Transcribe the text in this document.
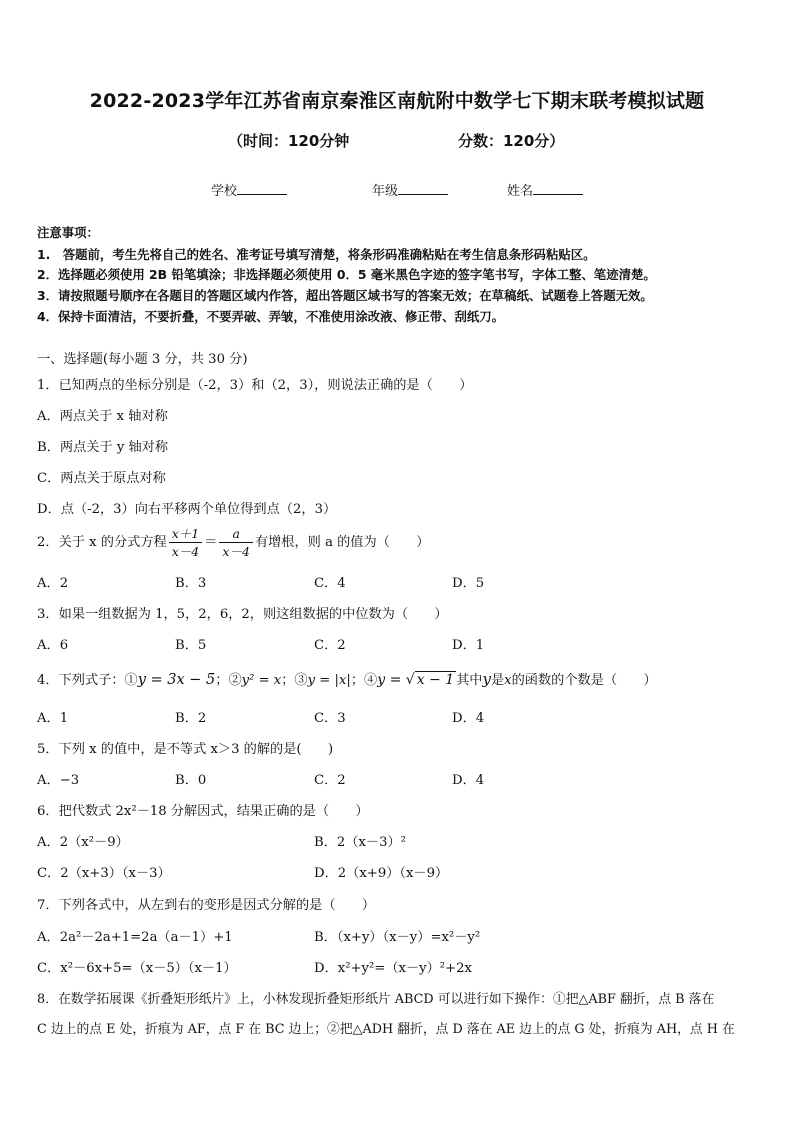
2022-2023学年江苏省南京秦淮区南航附中数学七下期末联考模拟试题
（时间：120分钟	分数：120分）
学校	年级	姓名
注意事项：
1.　答题前，考生先将自己的姓名、准考证号填写清楚，将条形码准确粘贴在考生信息条形码粘贴区。
2．选择题必须使用 2B 铅笔填涂；非选择题必须使用 0．5 毫米黑色字迹的签字笔书写，字体工整、笔迹清楚。
3．请按照题号顺序在各题目的答题区域内作答，超出答题区域书写的答案无效；在草稿纸、试题卷上答题无效。
4．保持卡面清洁，不要折叠，不要弄破、弄皱，不准使用涂改液、修正带、刮纸刀。
一、选择题(每小题 3 分，共 30 分)
1．已知两点的坐标分别是（-2，3）和（2，3），则说法正确的是（　　）
A．两点关于 x 轴对称
B．两点关于 y 轴对称
C．两点关于原点对称
D．点（-2，3）向右平移两个单位得到点（2，3）
2．关于 x 的分式方程 $\frac{x+1}{x-4} = \frac{a}{x-4}$ 有增根，则 a 的值为（　　）
A．2	B．3	C．4	D．5
3．如果一组数据为 1，5，2，6，2，则这组数据的中位数为（　　）
A．6	B．5	C．2	D．1
4．下列式子：①y = 3x − 5；②y² = x；③y = |x|；④y = √ x − 1 其中y是x的函数的个数是（　　）
A．1	B．2	C．3	D．4
5．下列 x 的值中，是不等式 x＞3 的解的是(　　)
A．−3	B．0	C．2	D．4
6．把代数式 2x²－18 分解因式，结果正确的是（　　）
A．2（x²－9）	B．2（x－3）²
C．2（x+3）（x－3）	D．2（x+9）（x－9）
7．下列各式中，从左到右的变形是因式分解的是（　　）
A．2a²－2a+1=2a（a－1）+1	B．（x+y）（x－y）=x²－y²
C．x²－6x+5=（x－5）（x－1）	D．x²+y²=（x－y）²+2x
8．在数学拓展课《折叠矩形纸片》上，小林发现折叠矩形纸片 ABCD 可以进行如下操作：①把△ABF 翻折，点 B 落在
C 边上的点 E 处，折痕为 AF，点 F 在 BC 边上；②把△ADH 翻折，点 D 落在 AE 边上的点 G 处，折痕为 AH，点 H 在
